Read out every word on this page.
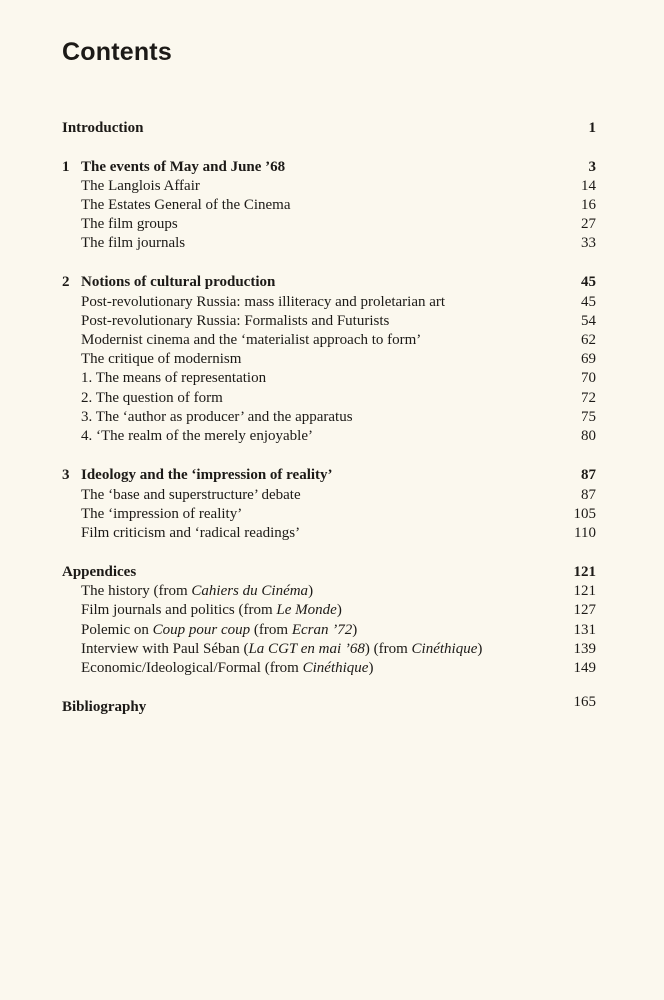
Contents
Introduction	1
1 The events of May and June ’68	3
The Langlois Affair	14
The Estates General of the Cinema	16
The film groups	27
The film journals	33
2 Notions of cultural production	45
Post-revolutionary Russia: mass illiteracy and proletarian art	45
Post-revolutionary Russia: Formalists and Futurists	54
Modernist cinema and the ‘materialist approach to form’	62
The critique of modernism	69
1. The means of representation	70
2. The question of form	72
3. The ‘author as producer’ and the apparatus	75
4. ‘The realm of the merely enjoyable’	80
3 Ideology and the ‘impression of reality’	87
The ‘base and superstructure’ debate	87
The ‘impression of reality’	105
Film criticism and ‘radical readings’	110
Appendices	121
The history (from Cahiers du Cinéma)	121
Film journals and politics (from Le Monde)	127
Polemic on Coup pour coup (from Ecran ’72)	131
Interview with Paul Séban (La CGT en mai ’68) (from Cinéthique)	139
Economic/Ideological/Formal (from Cinéthique)	149
Bibliography	165
